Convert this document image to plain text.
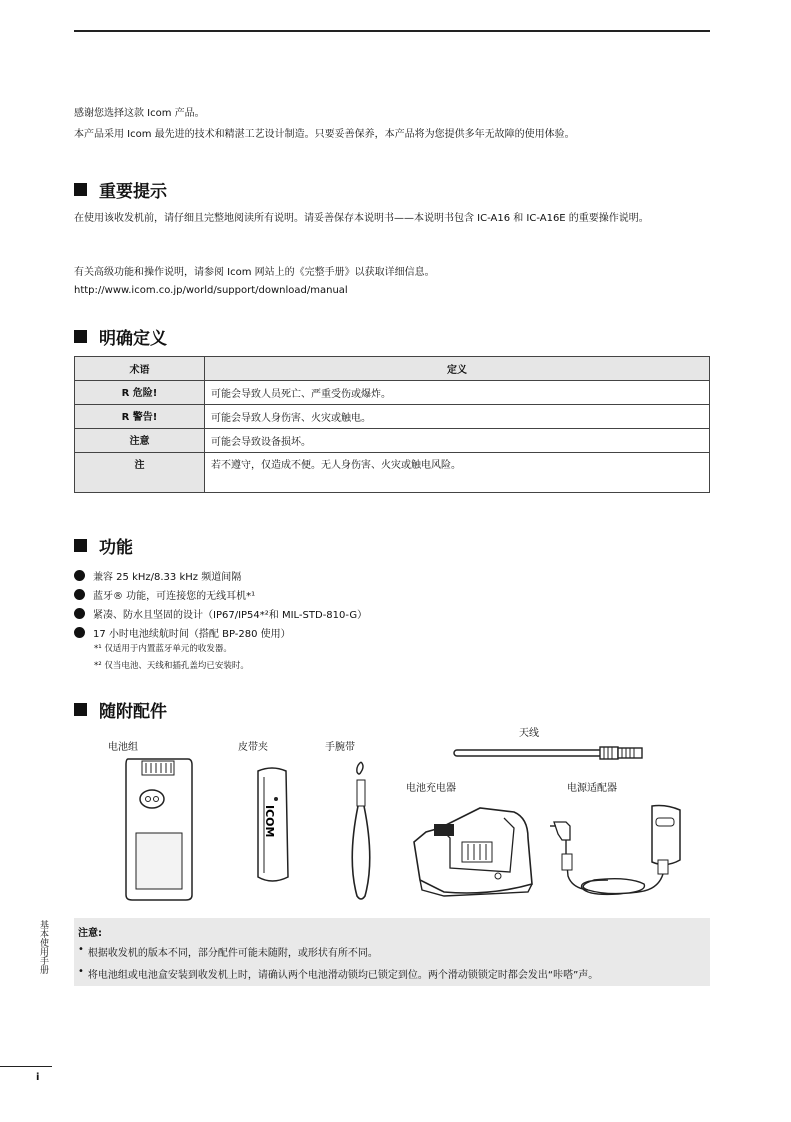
感谢您选择这款 Icom 产品。
本产品采用 Icom 最先进的技术和精湛工艺设计制造。只要妥善保养，本产品将为您提供多年无故障的使用体验。
重要提示
在使用该收发机前，请仔细且完整地阅读所有说明。请妥善保存本说明书——本说明书包含 IC-A16 和 IC-A16E 的重要操作说明。
有关高级功能和操作说明，请参阅 Icom 网站上的《完整手册》以获取详细信息。
http://www.icom.co.jp/world/support/download/manual
明确定义
术语	定义
R 危险!	可能会导致人员死亡、严重受伤或爆炸。
R 警告!	可能会导致人身伤害、火灾或触电。
注意	可能会导致设备损坏。
注	若不遵守，仅造成不便。无人身伤害、火灾或触电风险。
功能
兼容 25 kHz/8.33 kHz 频道间隔
蓝牙® 功能，可连接您的无线耳机*¹
紧凑、防水且坚固的设计（IP67/IP54*²和 MIL-STD-810-G）
17 小时电池续航时间（搭配 BP-280 使用）
*¹ 仅适用于内置蓝牙单元的收发器。
*² 仅当电池、天线和插孔盖均已安装时。
随附配件
电池组	皮带夹	手腕带
天线
电池充电器	电源适配器
ICOM
注意:
• 根据收发机的版本不同，部分配件可能未随附，或形状有所不同。
• 将电池组或电池盒安装到收发机上时，请确认两个电池滑动锁均已锁定到位。两个滑动锁锁定时都会发出“咔嗒”声。
基本使用手册
i
